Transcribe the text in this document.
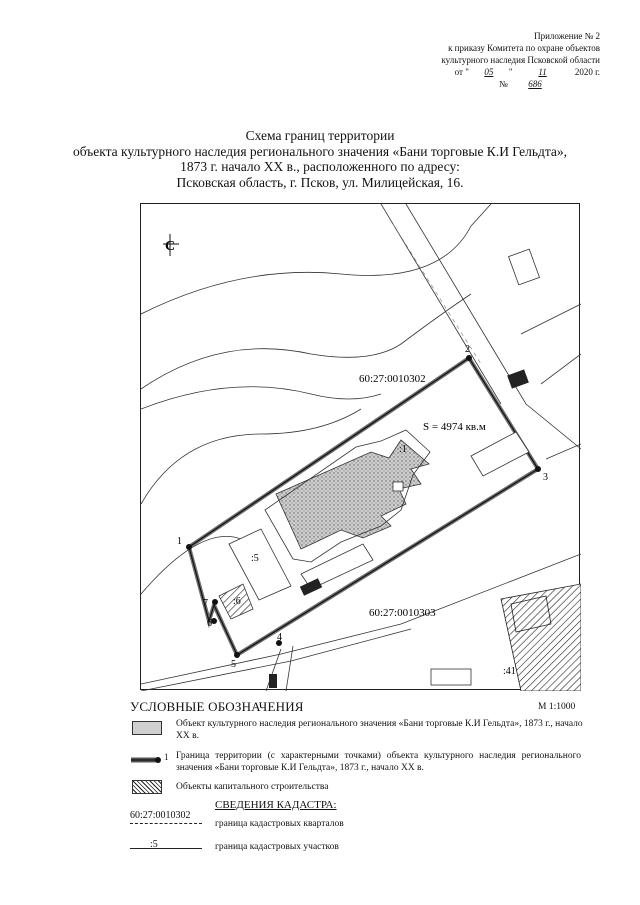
Приложение № 2
к приказу Комитета по охране объектов
культурного наследия Псковской области
от " 05 "	11	2020 г.
№ 686
Схема границ территории
объекта культурного наследия регионального значения «Бани торговые К.И Гельдта»,
1873 г. начало XX в., расположенного по адресу:
Псковская область, г. Псков, ул. Милицейская, 16.
1
2
3
4
5
6
7
60:27:0010302
60:27:0010303
S = 4974 кв.м
:1
:5
:6
:41
С
УСЛОВНЫЕ ОБОЗНАЧЕНИЯ	М 1:1000
Объект культурного наследия регионального значения «Бани торговые К.И Гельдта», 1873 г., начало XX в.
1 Граница территории (с характерными точками) объекта культурного наследия регионального значения «Бани торговые К.И Гельдта», 1873 г., начало XX в.
Объекты капитального строительства
СВЕДЕНИЯ КАДАСТРА:
60:27:0010302
граница кадастровых кварталов
:5	граница кадастровых участков
